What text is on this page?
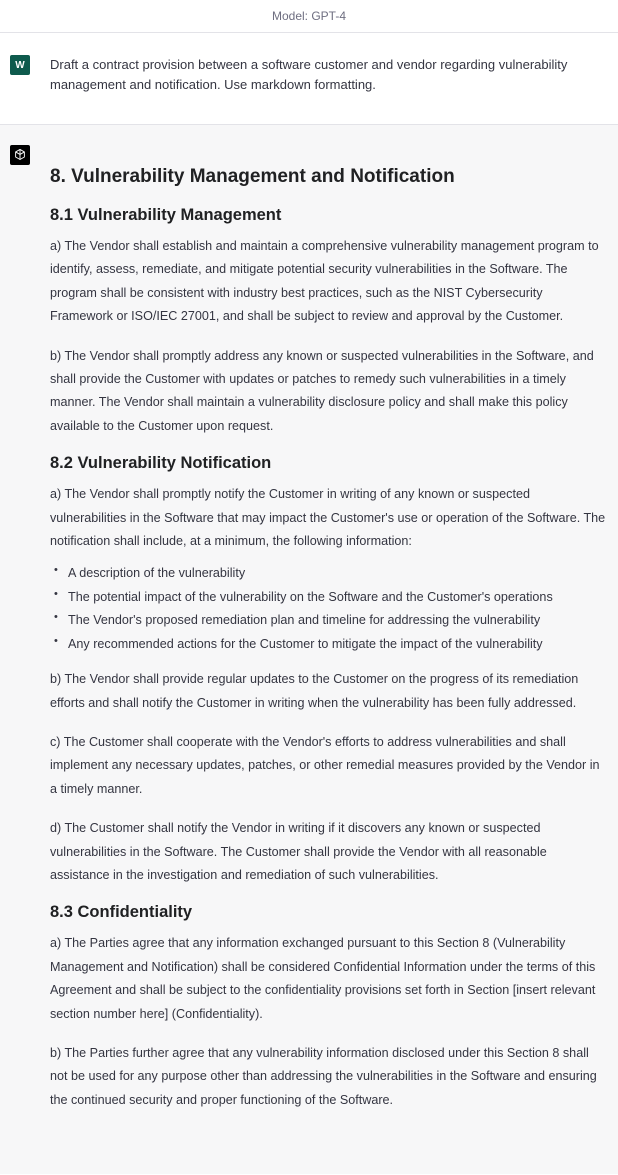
Model: GPT-4
W	Draft a contract provision between a software customer and vendor regarding vulnerability management and notification. Use markdown formatting.
8. Vulnerability Management and Notification
8.1 Vulnerability Management

a) The Vendor shall establish and maintain a comprehensive vulnerability management program to identify, assess, remediate, and mitigate potential security vulnerabilities in the Software. The program shall be consistent with industry best practices, such as the NIST Cybersecurity Framework or ISO/IEC 27001, and shall be subject to review and approval by the Customer.

b) The Vendor shall promptly address any known or suspected vulnerabilities in the Software, and shall provide the Customer with updates or patches to remedy such vulnerabilities in a timely manner. The Vendor shall maintain a vulnerability disclosure policy and shall make this policy available to the Customer upon request.

8.2 Vulnerability Notification

a) The Vendor shall promptly notify the Customer in writing of any known or suspected vulnerabilities in the Software that may impact the Customer's use or operation of the Software. The notification shall include, at a minimum, the following information:

• A description of the vulnerability
• The potential impact of the vulnerability on the Software and the Customer's operations
• The Vendor's proposed remediation plan and timeline for addressing the vulnerability
• Any recommended actions for the Customer to mitigate the impact of the vulnerability

b) The Vendor shall provide regular updates to the Customer on the progress of its remediation efforts and shall notify the Customer in writing when the vulnerability has been fully addressed.

c) The Customer shall cooperate with the Vendor's efforts to address vulnerabilities and shall implement any necessary updates, patches, or other remedial measures provided by the Vendor in a timely manner.

d) The Customer shall notify the Vendor in writing if it discovers any known or suspected vulnerabilities in the Software. The Customer shall provide the Vendor with all reasonable assistance in the investigation and remediation of such vulnerabilities.

8.3 Confidentiality

a) The Parties agree that any information exchanged pursuant to this Section 8 (Vulnerability Management and Notification) shall be considered Confidential Information under the terms of this Agreement and shall be subject to the confidentiality provisions set forth in Section [insert relevant section number here] (Confidentiality).

b) The Parties further agree that any vulnerability information disclosed under this Section 8 shall not be used for any purpose other than addressing the vulnerabilities in the Software and ensuring the continued security and proper functioning of the Software.
